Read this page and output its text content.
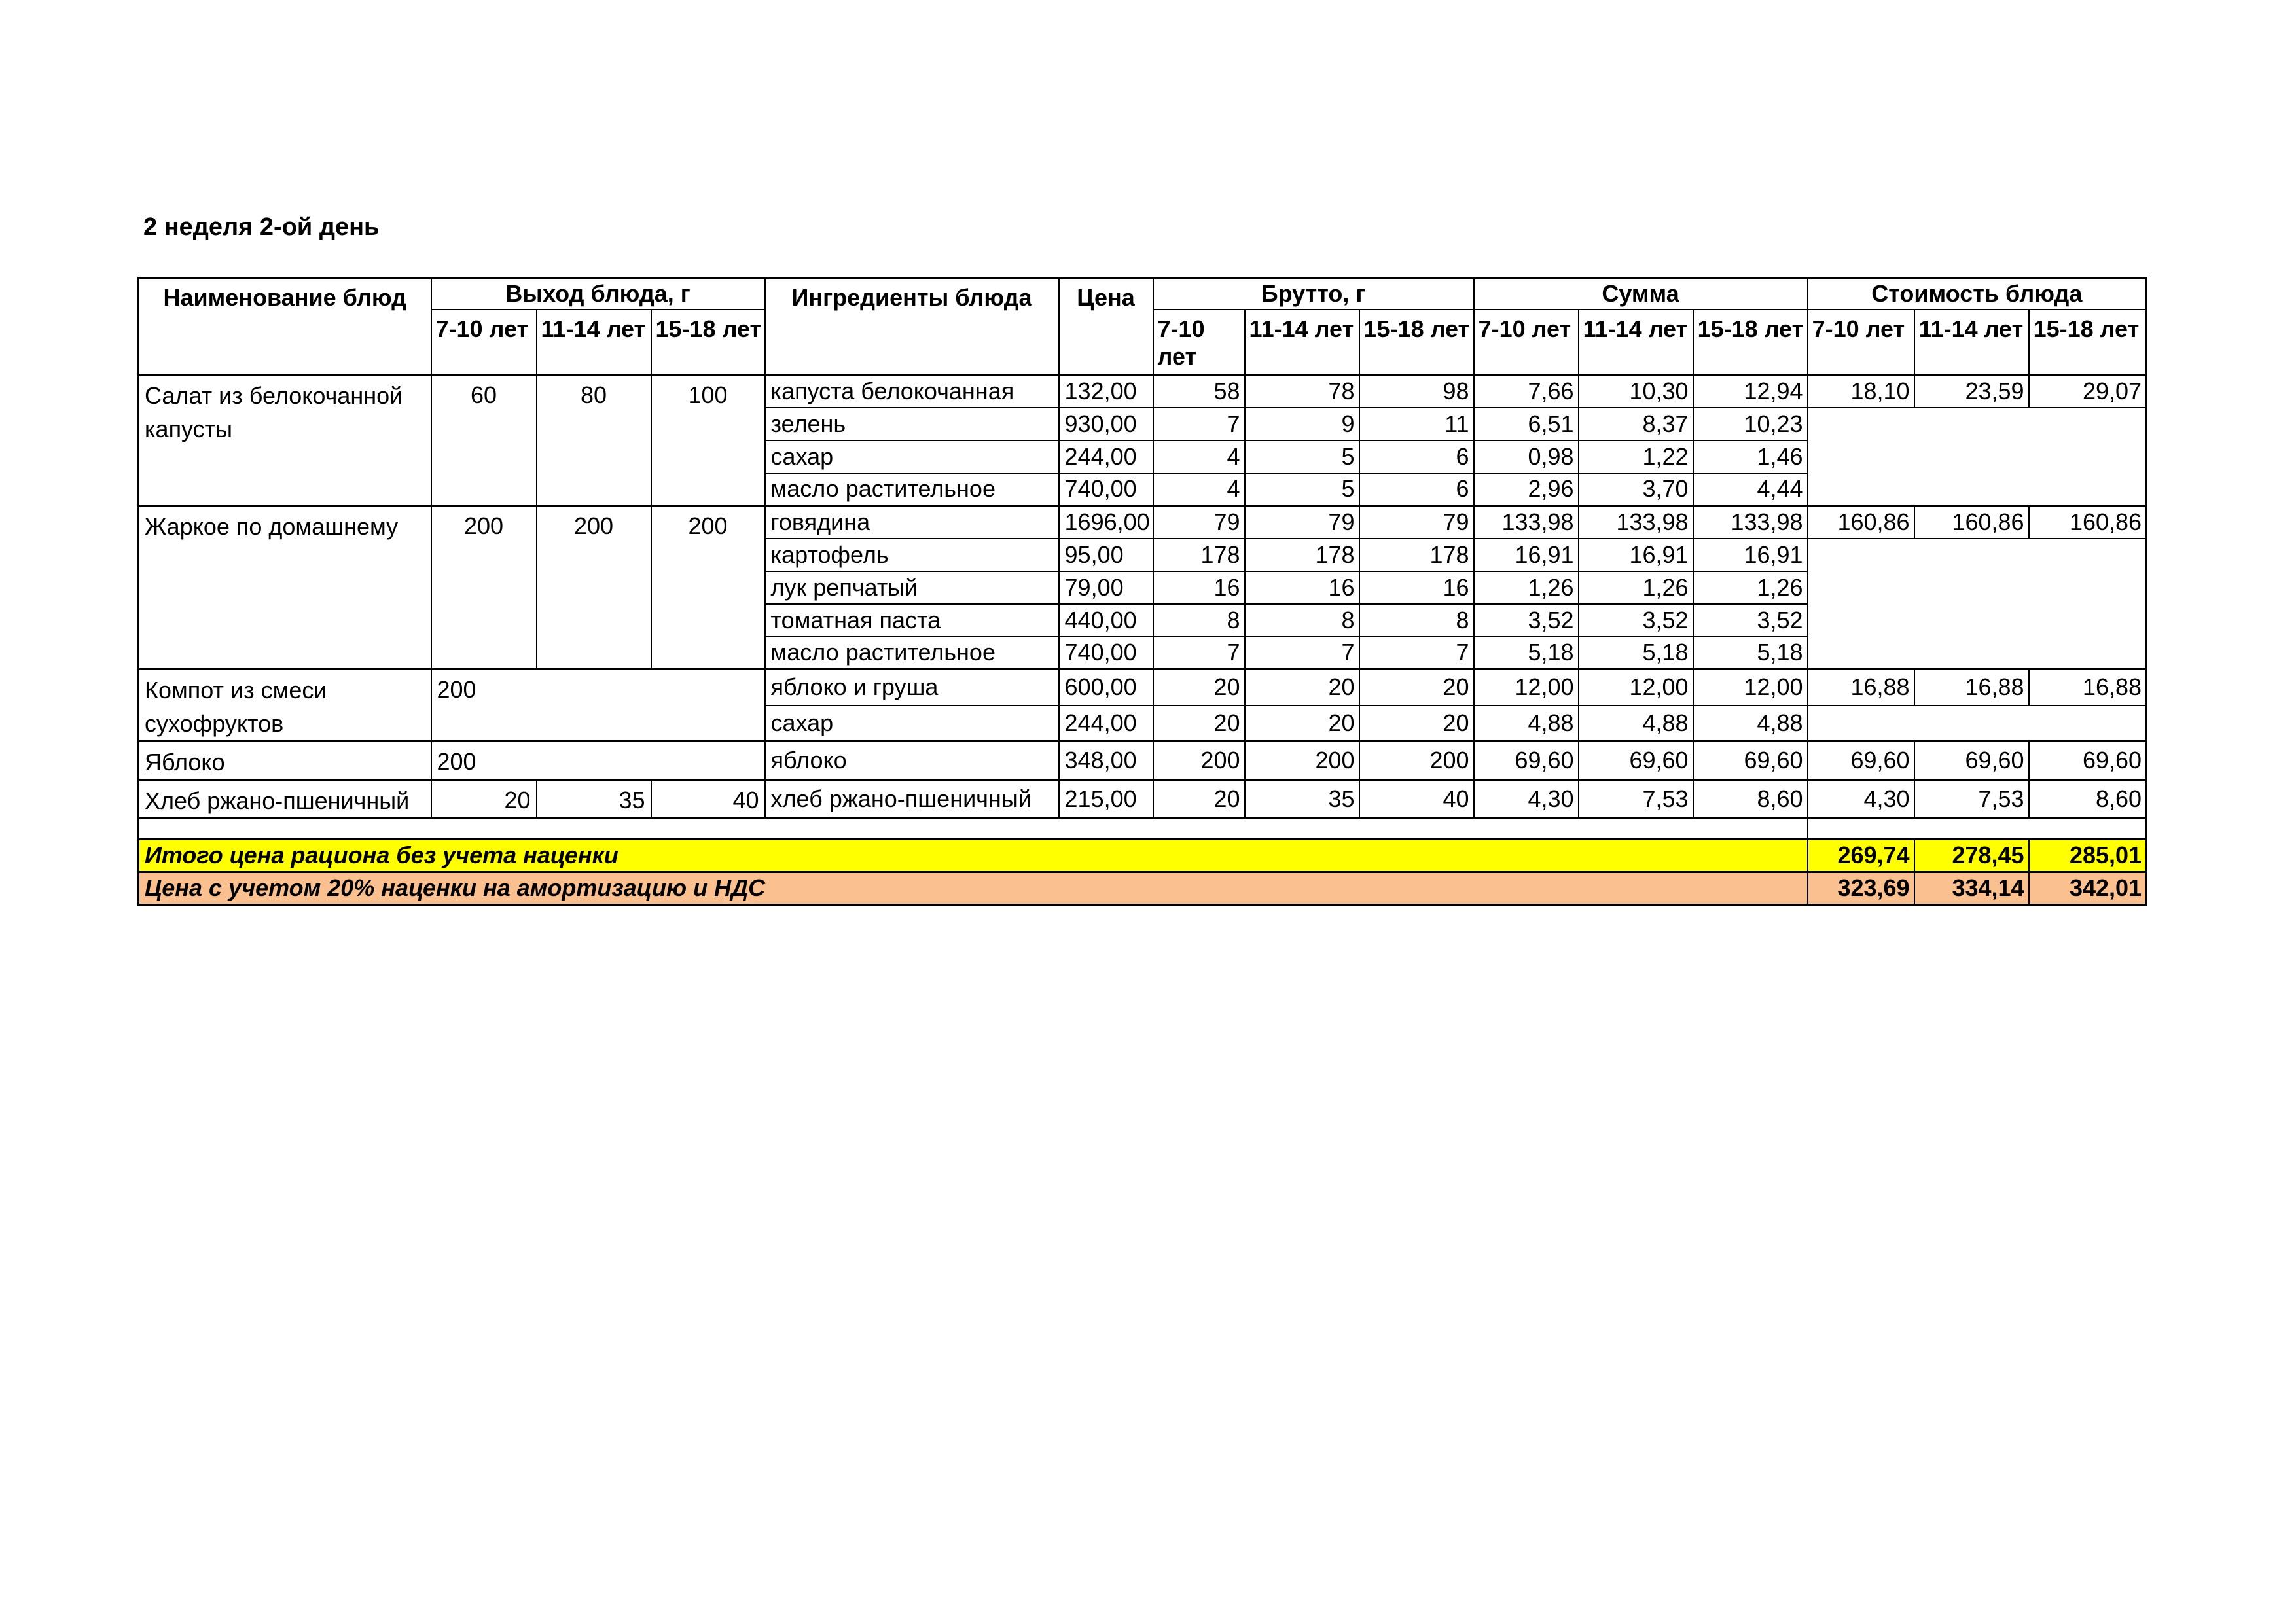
2 неделя 2-ой день
Наименование блюд	Выход блюда, г			Ингредиенты блюда	Цена	Брутто, г			Сумма			Стоимость блюда		
	7-10 лет	11-14 лет	15-18 лет			7-10 лет	11-14 лет	15-18 лет	7-10 лет	11-14 лет	15-18 лет	7-10 лет	11-14 лет	15-18 лет
Салат из белокочанной капусты	60	80	100	капуста белокочанная	132,00	58	78	98	7,66	10,30	12,94	18,10	23,59	29,07
				зелень	930,00	7	9	11	6,51	8,37	10,23			
				сахар	244,00	4	5	6	0,98	1,22	1,46			
				масло растительное	740,00	4	5	6	2,96	3,70	4,44			
Жаркое по домашнему	200	200	200	говядина	1696,00	79	79	79	133,98	133,98	133,98	160,86	160,86	160,86
				картофель	95,00	178	178	178	16,91	16,91	16,91			
				лук репчатый	79,00	16	16	16	1,26	1,26	1,26			
				томатная паста	440,00	8	8	8	3,52	3,52	3,52			
				масло растительное	740,00	7	7	7	5,18	5,18	5,18			
Компот из смеси сухофруктов	200			яблоко и груша	600,00	20	20	20	12,00	12,00	12,00	16,88	16,88	16,88
				сахар	244,00	20	20	20	4,88	4,88	4,88			
Яблоко	200			яблоко	348,00	200	200	200	69,60	69,60	69,60	69,60	69,60	69,60
Хлеб ржано-пшеничный	20	35	40	хлеб ржано-пшеничный	215,00	20	35	40	4,30	7,53	8,60	4,30	7,53	8,60

Итого цена рациона без учета наценки												269,74	278,45	285,01
Цена с учетом 20% наценки на амортизацию и НДС												323,69	334,14	342,01
